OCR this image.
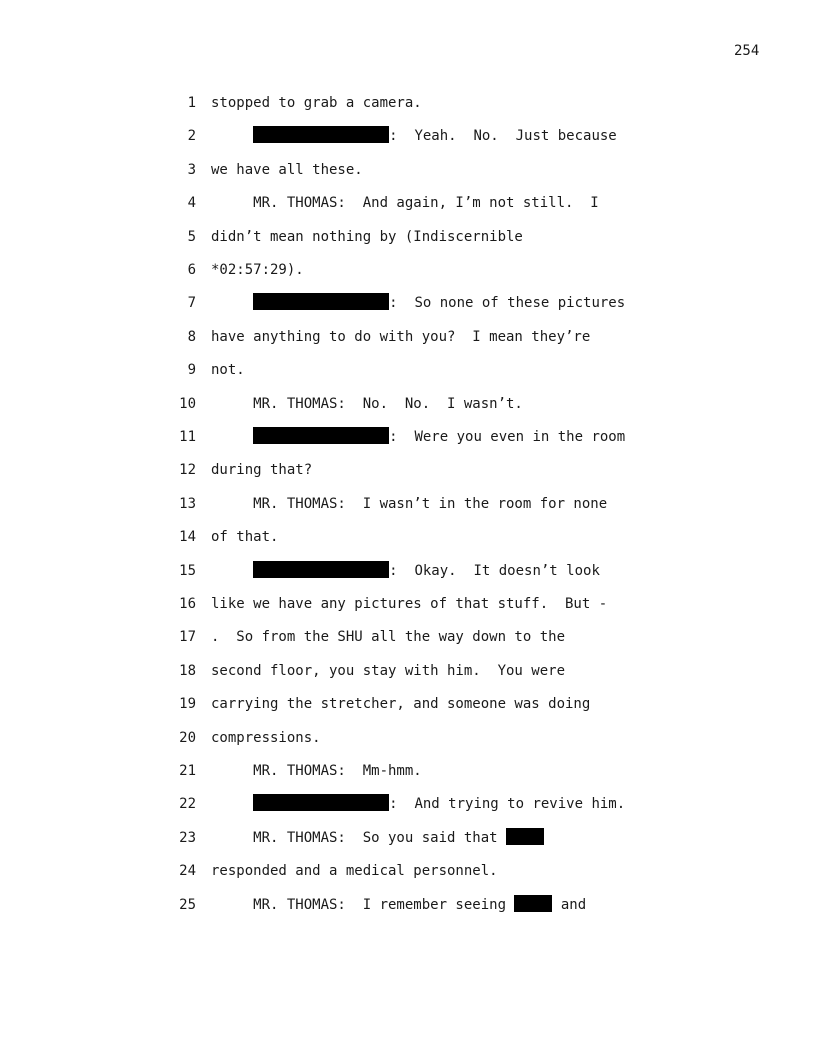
254
1 stopped to grab a camera.
2	:  Yeah.  No.  Just because
3 we have all these.
4 MR. THOMAS:  And again, I’m not still.  I
5 didn’t mean nothing by (Indiscernible
6 *02:57:29).
7	:  So none of these pictures
8 have anything to do with you?  I mean they’re
9 not.
10 MR. THOMAS:  No.  No.  I wasn’t.
11	:  Were you even in the room
12 during that?
13 MR. THOMAS:  I wasn’t in the room for none
14 of that.
15	:  Okay.  It doesn’t look
16 like we have any pictures of that stuff.  But -
17 .  So from the SHU all the way down to the
18 second floor, you stay with him.  You were
19 carrying the stretcher, and someone was doing
20 compressions.
21 MR. THOMAS:  Mm-hmm.
22	:  And trying to revive him.
23 MR. THOMAS:  So you said that
24 responded and a medical personnel.
25 MR. THOMAS:  I remember seeing	and
